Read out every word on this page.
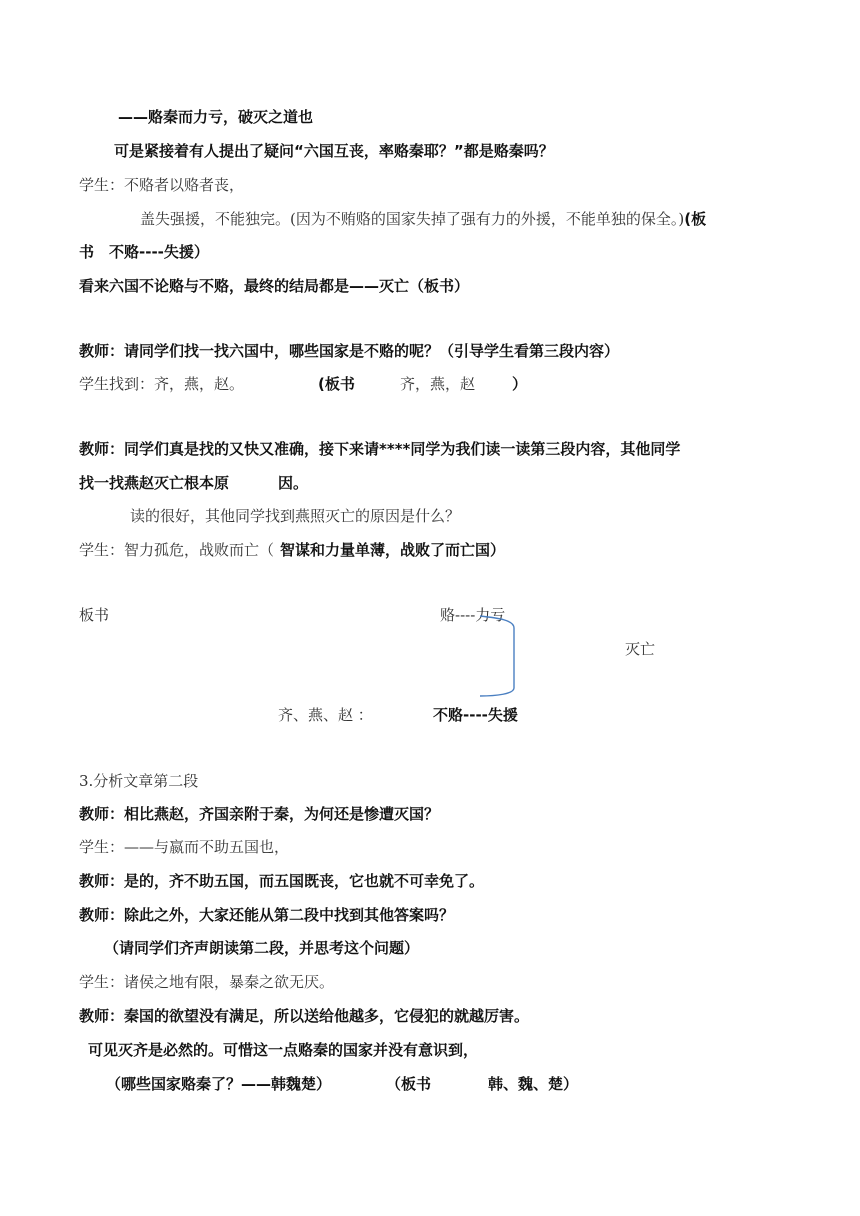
——赂秦而力亏，破灭之道也
可是紧接着有人提出了疑问“六国互丧，率赂秦耶？”都是赂秦吗？
学生：不赂者以赂者丧，
盖失强援，不能独完。(因为不贿赂的国家失掉了强有力的外援，不能单独的保全。)(板
书　不赂----失援）
看来六国不论赂与不赂，最终的结局都是——灭亡（板书）
教师：请同学们找一找六国中，哪些国家是不赂的呢？（引导学生看第三段内容）
学生找到：齐，燕，赵。	(板书	齐，燕，赵 ）
教师：同学们真是找的又快又准确，接下来请****同学为我们读一读第三段内容，其他同学
找一找燕赵灭亡根本原	因。
读的很好，其他同学找到燕照灭亡的原因是什么？
学生：智力孤危，战败而亡（ 智谋和力量单薄，战败了而亡国）
板书	赂----力亏
灭亡
齐、燕、赵 ：	不赂----失援
3.分析文章第二段
教师：相比燕赵，齐国亲附于秦，为何还是惨遭灭国？
学生：——与嬴而不助五国也，
教师：是的，齐不助五国，而五国既丧，它也就不可幸免了。
教师：除此之外，大家还能从第二段中找到其他答案吗？
（请同学们齐声朗读第二段，并思考这个问题）
学生：诸侯之地有限，暴秦之欲无厌。
教师：秦国的欲望没有满足，所以送给他越多，它侵犯的就越厉害。
可见灭齐是必然的。可惜这一点赂秦的国家并没有意识到，
（哪些国家赂秦了？——韩魏楚）	（板书	韩、魏、楚）
